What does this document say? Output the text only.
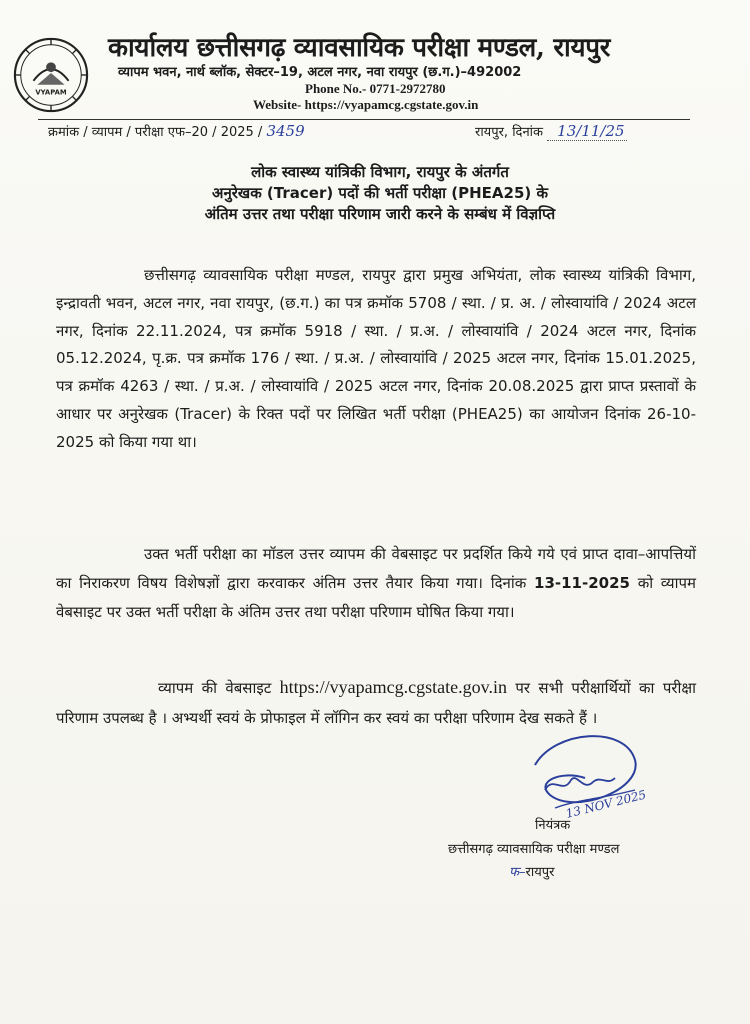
VYAPAM
कार्यालय छत्तीसगढ़ व्यावसायिक परीक्षा मण्डल, रायपुर
व्यापम भवन, नार्थ ब्लॉक, सेक्टर–19, अटल नगर, नवा रायपुर (छ.ग.)–492002
Phone No.- 0771-2972780
Website- https://vyapamcg.cgstate.gov.in
क्रमांक / व्यापम / परीक्षा एफ–20 / 2025 / 3459	रायपुर, दिनांक 13/11/25
लोक स्वास्थ्य यांत्रिकी विभाग, रायपुर के अंतर्गत
अनुरेखक (Tracer) पदों की भर्ती परीक्षा (PHEA25) के
अंतिम उत्तर तथा परीक्षा परिणाम जारी करने के सम्बंध में विज्ञप्ति
छत्तीसगढ़ व्यावसायिक परीक्षा मण्डल, रायपुर द्वारा प्रमुख अभियंता, लोक स्वास्थ्य यांत्रिकी विभाग, इन्द्रावती भवन, अटल नगर, नवा रायपुर, (छ.ग.) का पत्र क्रमॉक 5708 / स्था. / प्र. अ. / लोस्वायांवि / 2024 अटल नगर, दिनांक 22.11.2024, पत्र क्रमॉक 5918 / स्था. / प्र.अ. / लोस्वायांवि / 2024 अटल नगर, दिनांक 05.12.2024, पृ.क्र. पत्र क्रमॉक 176 / स्था. / प्र.अ. / लोस्वायांवि / 2025 अटल नगर, दिनांक 15.01.2025, पत्र क्रमॉक 4263 / स्था. / प्र.अ. / लोस्वायांवि / 2025 अटल नगर, दिनांक 20.08.2025 द्वारा प्राप्त प्रस्तावों के आधार पर अनुरेखक (Tracer) के रिक्त पदों पर लिखित भर्ती परीक्षा (PHEA25) का आयोजन दिनांक 26-10-2025 को किया गया था।
उक्त भर्ती परीक्षा का मॉडल उत्तर व्यापम की वेबसाइट पर प्रदर्शित किये गये एवं प्राप्त दावा–आपत्तियों का निराकरण विषय विशेषज्ञों द्वारा करवाकर अंतिम उत्तर तैयार किया गया। दिनांक 13-11-2025 को व्यापम वेबसाइट पर उक्त भर्ती परीक्षा के अंतिम उत्तर तथा परीक्षा परिणाम घोषित किया गया।
व्यापम की वेबसाइट https://vyapamcg.cgstate.gov.in पर सभी परीक्षार्थियों का परीक्षा परिणाम उपलब्ध है । अभ्यर्थी स्वयं के प्रोफाइल में लॉगिन कर स्वयं का परीक्षा परिणाम देख सकते हैं ।
13 NOV 2025
नियंत्रक
छत्तीसगढ़ व्यावसायिक परीक्षा मण्डल
फ–रायपुर
